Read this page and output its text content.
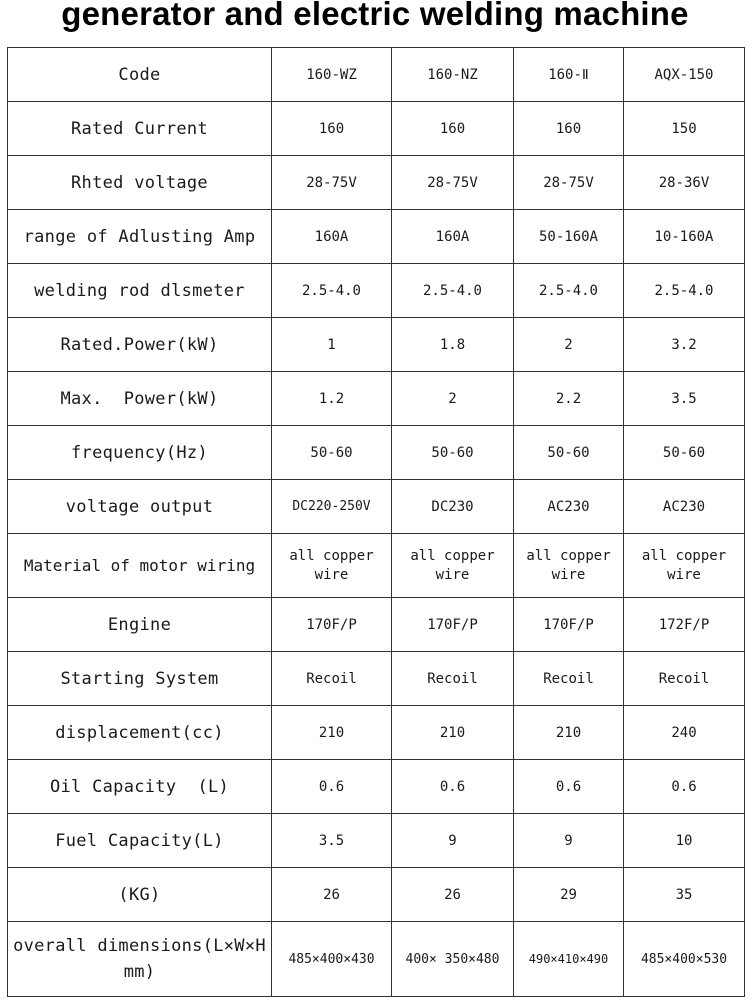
generator and electric welding machine
Code	160-WZ	160-NZ	160-Ⅱ	AQX-150
Rated Current	160	160	160	150
Rhted voltage	28-75V	28-75V	28-75V	28-36V
range of Adlusting Amp	160A	160A	50-160A	10-160A
welding rod dlsmeter	2.5-4.0	2.5-4.0	2.5-4.0	2.5-4.0
Rated.Power(kW)	1	1.8	2	3.2
Max.  Power(kW)	1.2	2	2.2	3.5
frequency(Hz)	50-60	50-60	50-60	50-60
voltage output	DC220-250V	DC230	AC230	AC230
Material of motor wiring	all copper wire	all copper wire	all copper wire	all copper wire
Engine	170F/P	170F/P	170F/P	172F/P
Starting System	Recoil	Recoil	Recoil	Recoil
displacement(cc)	210	210	210	240
Oil Capacity  (L)	0.6	0.6	0.6	0.6
Fuel Capacity(L)	3.5	9	9	10
(KG)	26	26	29	35
overall dimensions(L×W×H mm)	485×400×430	400× 350×480	490×410×490	485×400×530
